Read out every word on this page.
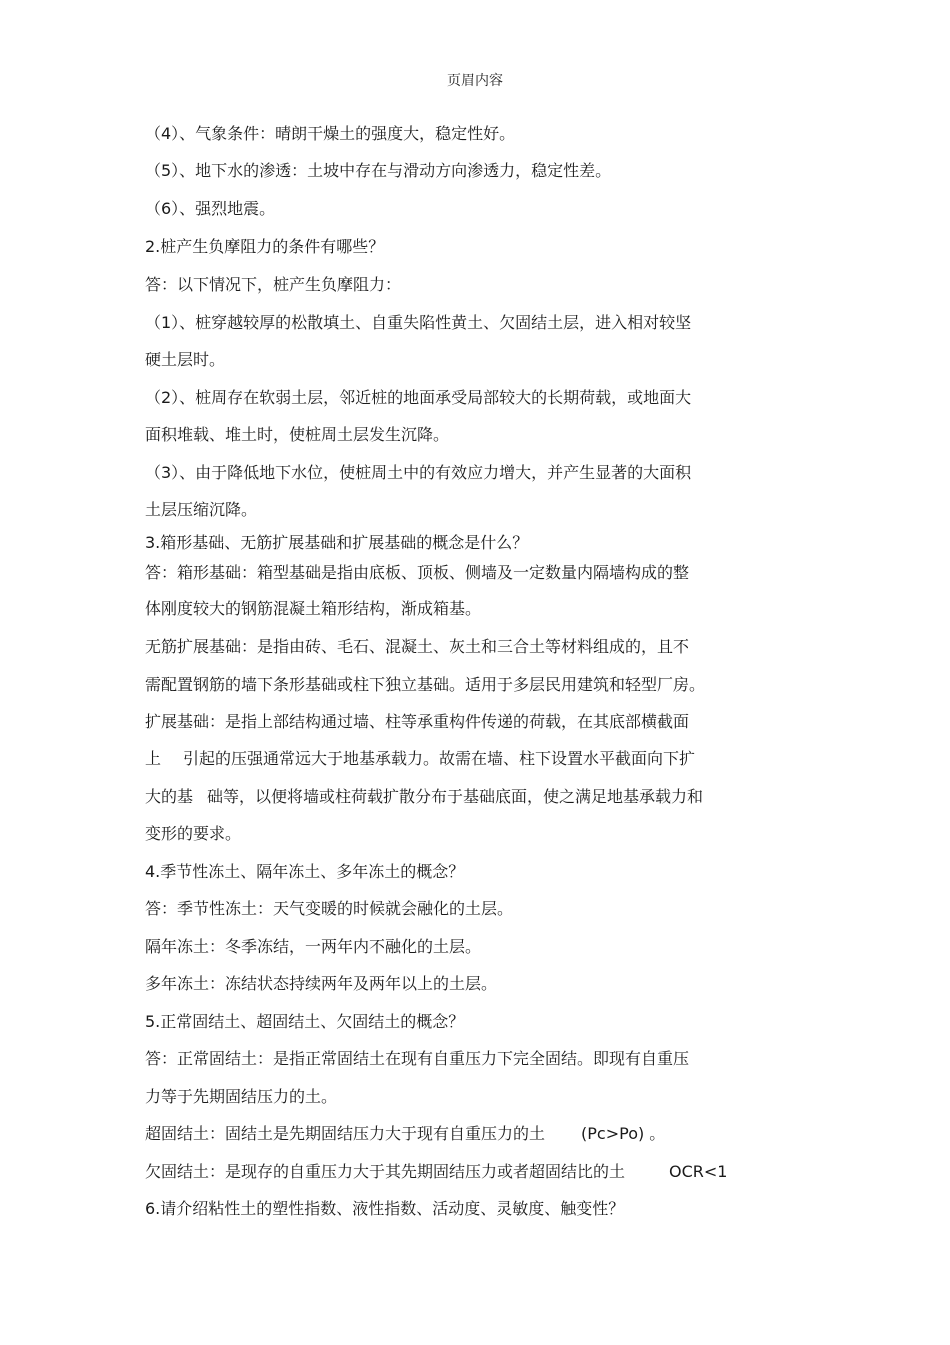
页眉内容
（4）、气象条件：晴朗干燥土的强度大，稳定性好。
（5）、地下水的渗透：土坡中存在与滑动方向渗透力，稳定性差。
（6）、强烈地震。
2.桩产生负摩阻力的条件有哪些？
答：以下情况下，桩产生负摩阻力：
（1）、桩穿越较厚的松散填土、自重失陷性黄土、欠固结土层，进入相对较坚
硬土层时。
（2）、桩周存在软弱土层，邻近桩的地面承受局部较大的长期荷载，或地面大
面积堆载、堆土时，使桩周土层发生沉降。
（3）、由于降低地下水位，使桩周土中的有效应力增大，并产生显著的大面积
土层压缩沉降。
3.箱形基础、无筋扩展基础和扩展基础的概念是什么？
答：箱形基础：箱型基础是指由底板、顶板、侧墙及一定数量内隔墙构成的整
体刚度较大的钢筋混凝土箱形结构，渐成箱基。
无筋扩展基础：是指由砖、毛石、混凝土、灰土和三合土等材料组成的，且不
需配置钢筋的墙下条形基础或柱下独立基础。适用于多层民用建筑和轻型厂房。
扩展基础：是指上部结构通过墙、柱等承重构件传递的荷载，在其底部横截面
上 引起的压强通常远大于地基承载力。故需在墙、柱下设置水平截面向下扩
大的基 础等，以便将墙或柱荷载扩散分布于基础底面，使之满足地基承载力和
变形的要求。
4.季节性冻土、隔年冻土、多年冻土的概念？
答：季节性冻土：天气变暖的时候就会融化的土层。
隔年冻土：冬季冻结，一两年内不融化的土层。
多年冻土：冻结状态持续两年及两年以上的土层。
5.正常固结土、超固结土、欠固结土的概念？
答：正常固结土：是指正常固结土在现有自重压力下完全固结。即现有自重压
力等于先期固结压力的土。
超固结土：固结土是先期固结压力大于现有自重压力的土 (Pc>Po) 。
欠固结土：是现存的自重压力大于其先期固结压力或者超固结比的土	OCR<1
6.请介绍粘性土的塑性指数、液性指数、活动度、灵敏度、触变性？
